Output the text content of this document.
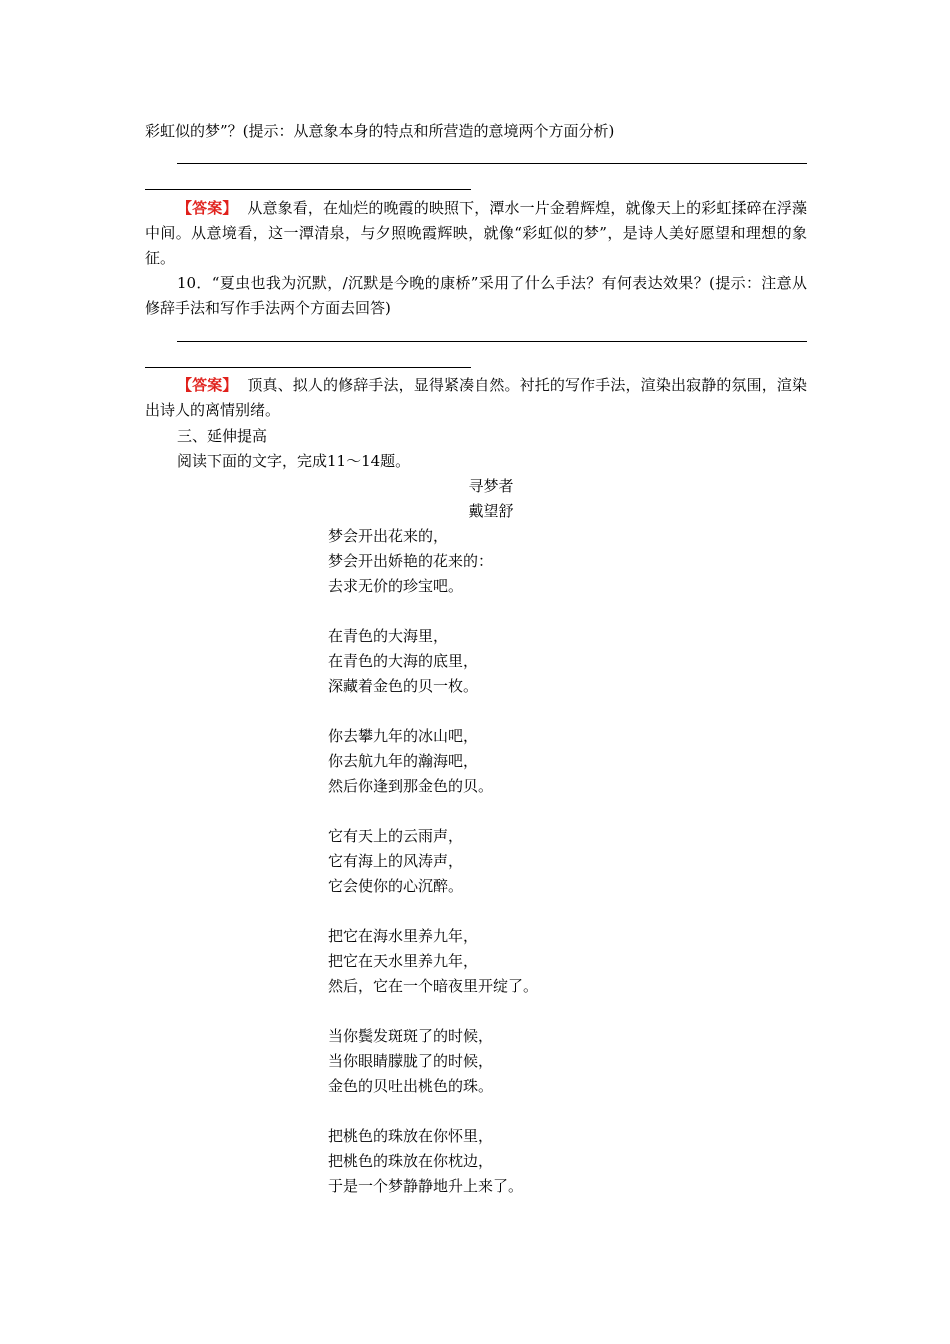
彩虹似的梦”？(提示：从意象本身的特点和所营造的意境两个方面分析)

【答案】 从意象看，在灿烂的晚霞的映照下，潭水一片金碧辉煌，就像天上的彩虹揉碎在浮藻中间。从意境看，这一潭清泉，与夕照晚霞辉映，就像“彩虹似的梦”，是诗人美好愿望和理想的象征。

10．“夏虫也我为沉默，/沉默是今晚的康桥”采用了什么手法？有何表达效果？(提示：注意从修辞手法和写作手法两个方面去回答)

【答案】 顶真、拟人的修辞手法，显得紧凑自然。衬托的写作手法，渲染出寂静的氛围，渲染出诗人的离情别绪。

三、延伸提高

阅读下面的文字，完成11～14题。

寻梦者
戴望舒
梦会开出花来的，
梦会开出娇艳的花来的：
去求无价的珍宝吧。
在青色的大海里，
在青色的大海的底里，
深藏着金色的贝一枚。
你去攀九年的冰山吧，
你去航九年的瀚海吧，
然后你逢到那金色的贝。
它有天上的云雨声，
它有海上的风涛声，
它会使你的心沉醉。
把它在海水里养九年，
把它在天水里养九年，
然后，它在一个暗夜里开绽了。
当你鬓发斑斑了的时候，
当你眼睛朦胧了的时候，
金色的贝吐出桃色的珠。
把桃色的珠放在你怀里，
把桃色的珠放在你枕边，
于是一个梦静静地升上来了。
